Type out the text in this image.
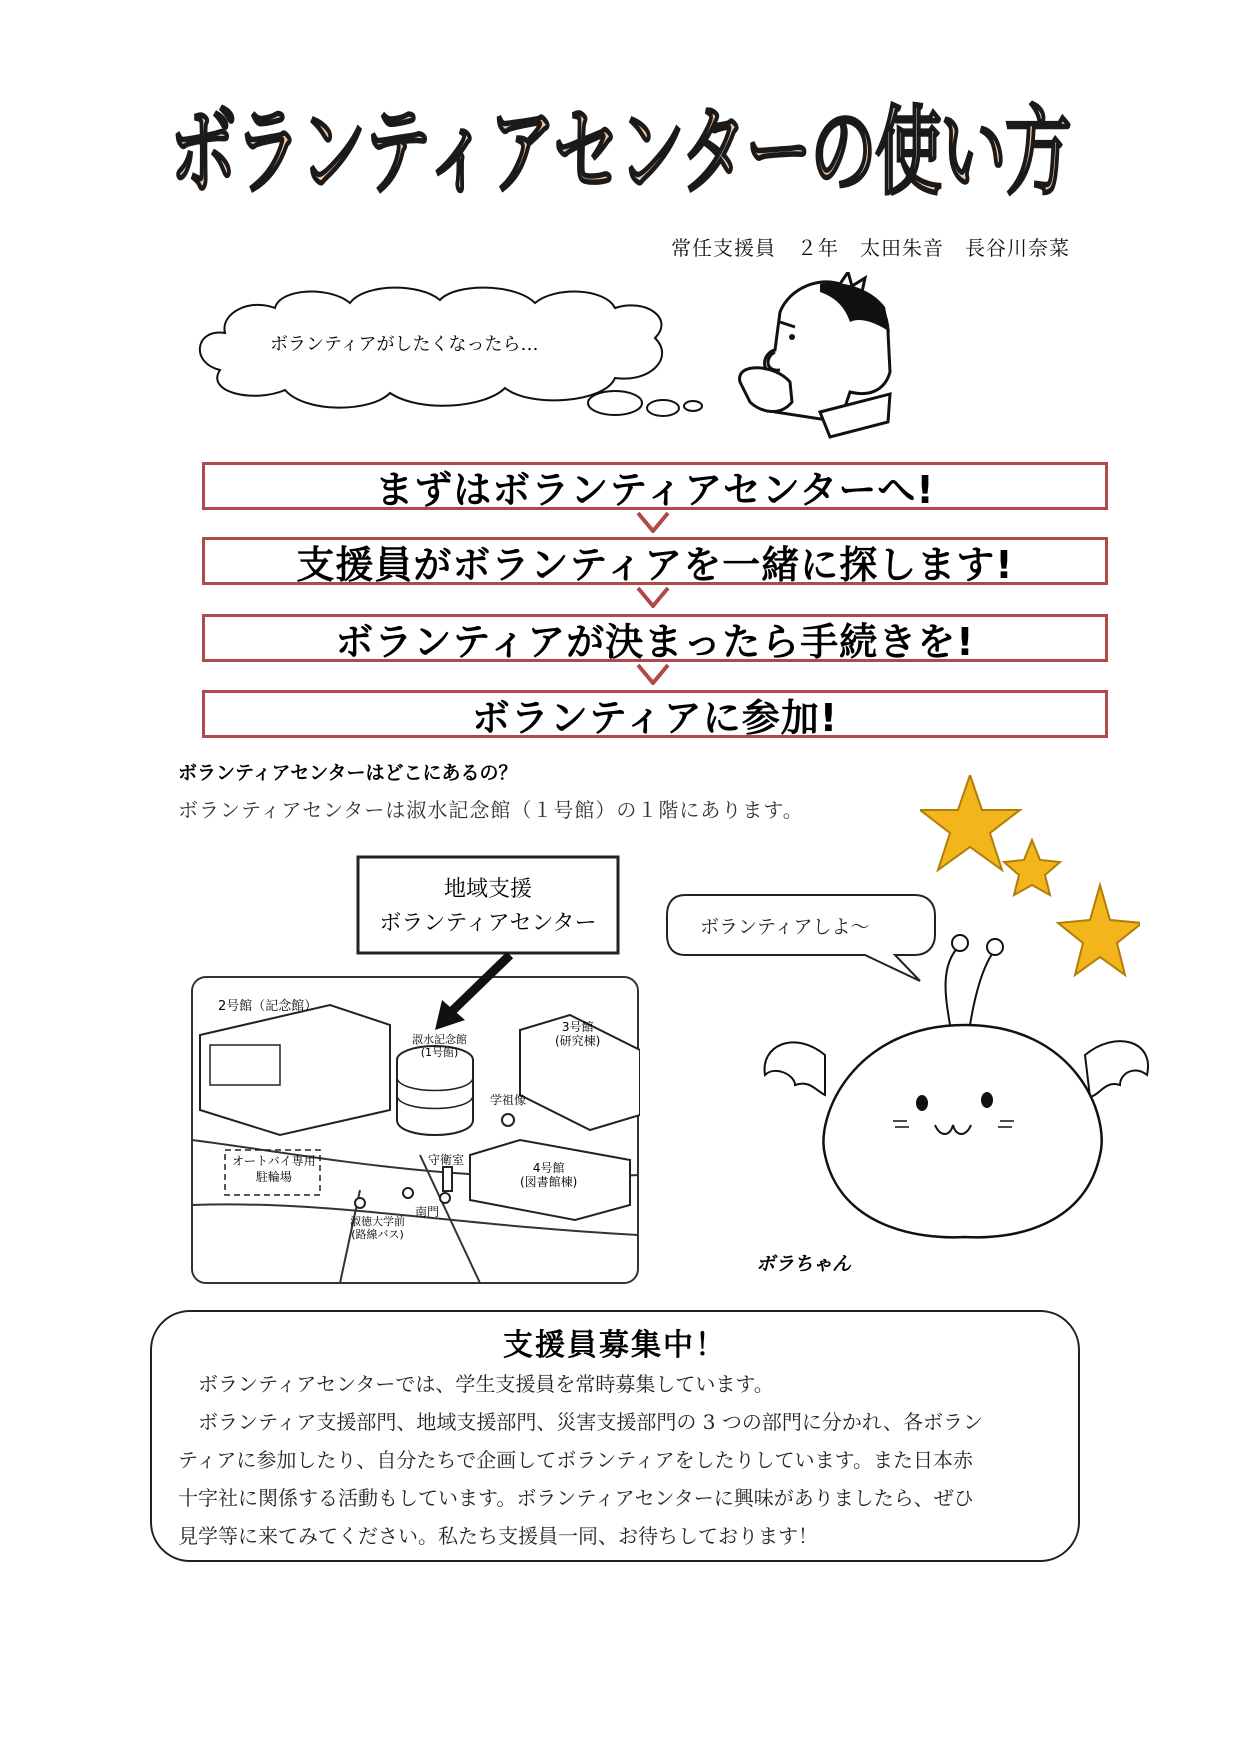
ボランティアセンターの使い方
常任支援員　２年　太田朱音　長谷川奈菜
ボランティアがしたくなったら…
まずはボランティアセンターへ!
支援員がボランティアを一緒に探します!
ボランティアが決まったら手続きを!
ボランティアに参加!
ボランティアセンターはどこにあるの？
ボランティアセンターは淑水記念館（１号館）の１階にあります。
地域支援
ボランティアセンター
2号館（記念館）
淑水記念館
(1号館)
3号館
(研究棟)
学祖像
オートバイ専用
駐輪場
守衛室
4号館
(図書館棟)
南門
淑徳大学前
(路線バス)
ボランティアしよ〜
ボラちゃん
支援員募集中！
　ボランティアセンターでは、学生支援員を常時募集しています。
　ボランティア支援部門、地域支援部門、災害支援部門の 3 つの部門に分かれ、各ボラン
ティアに参加したり、自分たちで企画してボランティアをしたりしています。また日本赤
十字社に関係する活動もしています。ボランティアセンターに興味がありましたら、ぜひ
見学等に来てみてください。私たち支援員一同、お待ちしております！
